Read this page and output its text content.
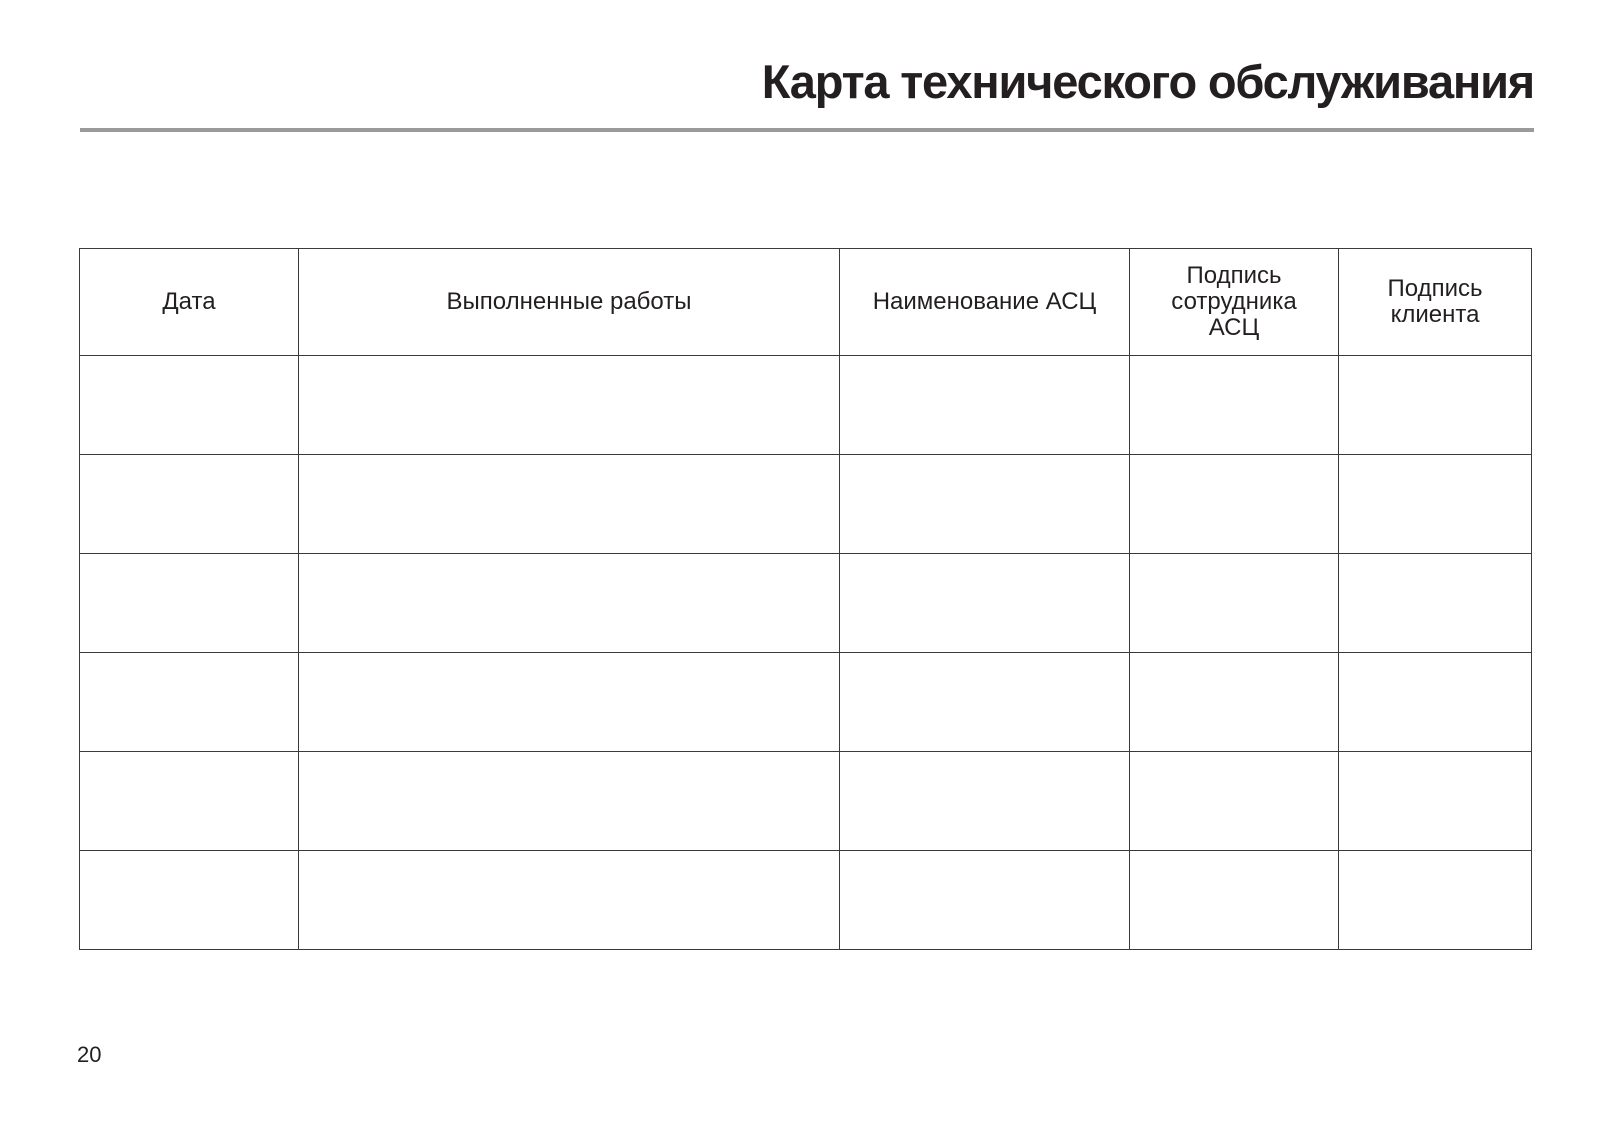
Карта технического обслуживания
Дата	Выполненные работы	Наименование АСЦ	Подпись сотрудника АСЦ	Подпись клиента

20
